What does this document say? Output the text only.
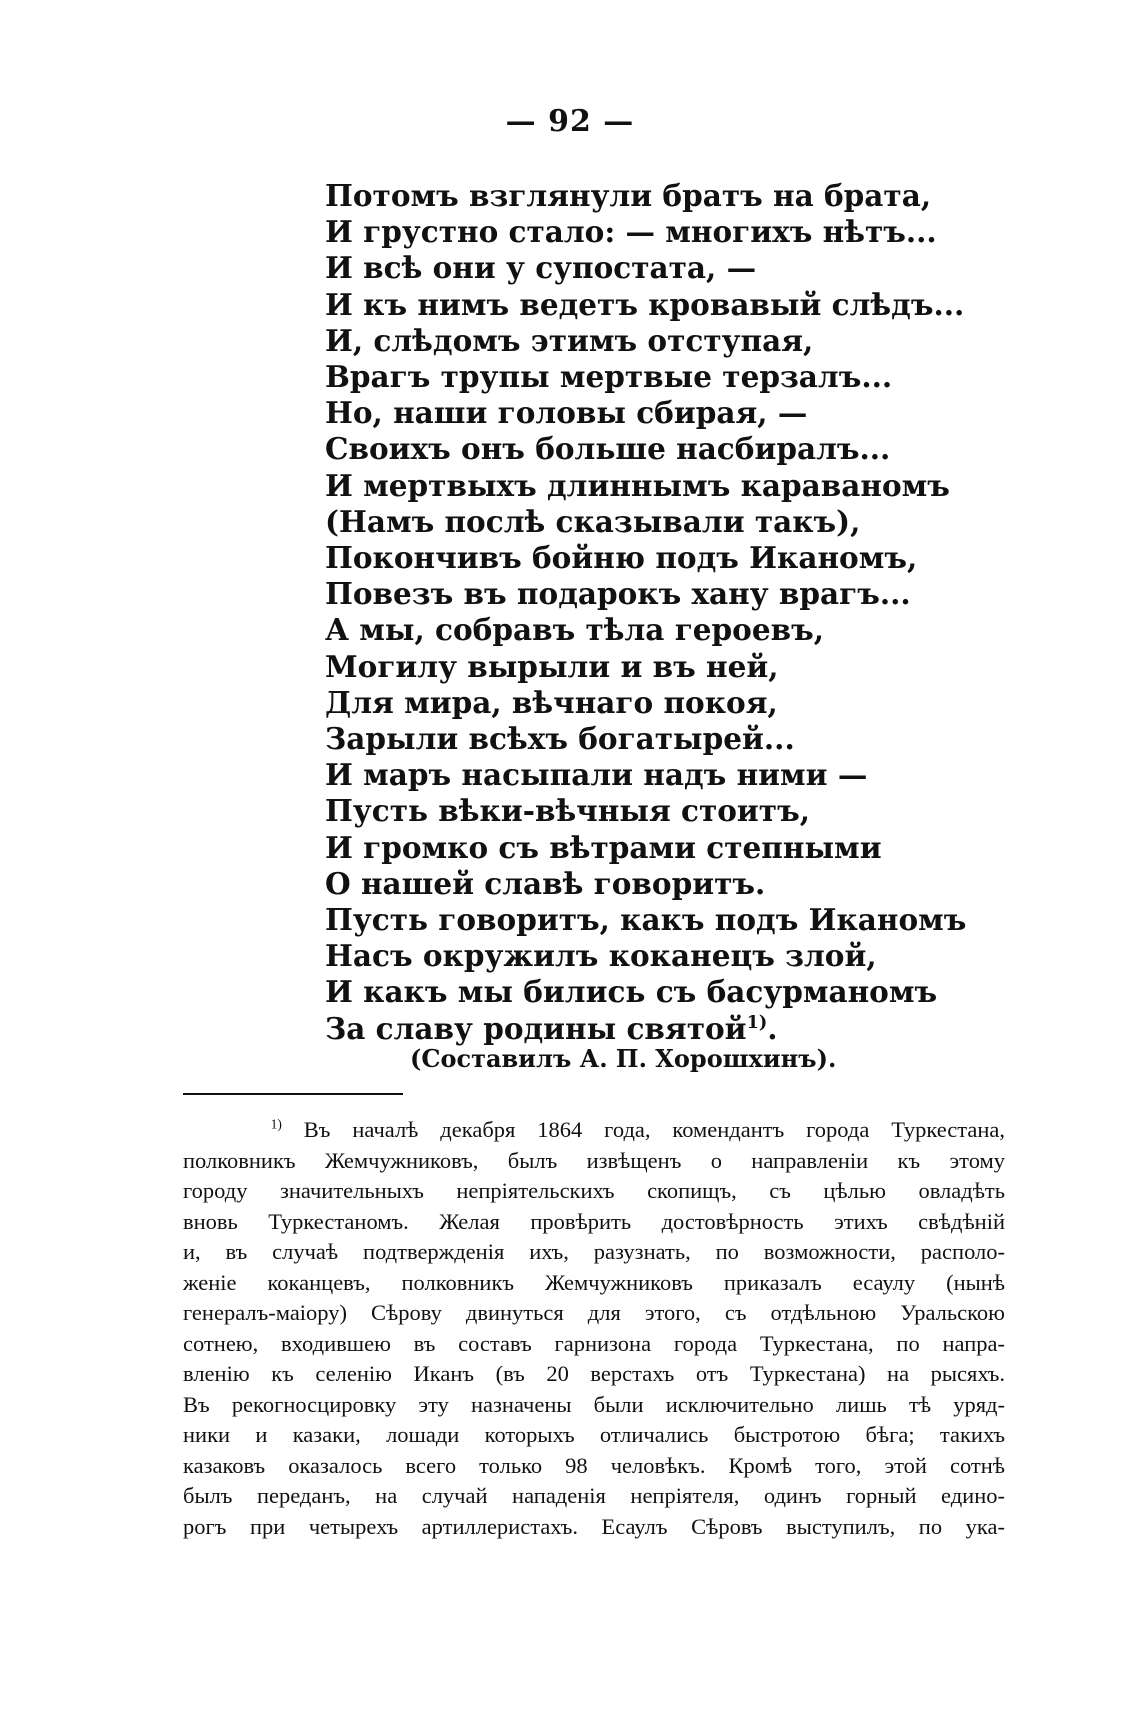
— 92 —
Потомъ взглянули братъ на брата,
И грустно стало: — многихъ нѣтъ...
И всѣ они у супостата, —
И къ нимъ ведетъ кровавый слѣдъ...
И, слѣдомъ этимъ отступая,
Врагъ трупы мертвые терзалъ...
Но, наши головы сбирая, —
Своихъ онъ больше насбиралъ...
И мертвыхъ длиннымъ караваномъ
(Намъ послѣ сказывали такъ),
Покончивъ бойню подъ Иканомъ,
Повезъ въ подарокъ хану врагъ...
А мы, собравъ тѣла героевъ,
Могилу вырыли и въ ней,
Для мира, вѣчнаго покоя,
Зарыли всѣхъ богатырей...
И маръ насыпали надъ ними —
Пусть вѣки-вѣчныя стоитъ,
И громко съ вѣтрами степными
О нашей славѣ говоритъ.
Пусть говоритъ, какъ подъ Иканомъ
Насъ окружилъ коканецъ злой,
И какъ мы бились съ басурманомъ
За славу родины святой$^{1)}$.
(Составилъ А. П. Хорошхинъ).
$^{1)}$ Въ началѣ декабря 1864 года, комендантъ города Туркестана,
полковникъ Жемчужниковъ, былъ извѣщенъ о направленіи къ этому
городу значительныхъ непріятельскихъ скопищъ, съ цѣлью овладѣть
вновь Туркестаномъ. Желая провѣрить достовѣрность этихъ свѣдѣній
и, въ случаѣ подтвержденія ихъ, разузнать, по возможности, располо-
женіе коканцевъ, полковникъ Жемчужниковъ приказалъ есаулу (нынѣ
генералъ-маіору) Сѣрову двинуться для этого, съ отдѣльною Уральскою
сотнею, входившею въ составъ гарнизона города Туркестана, по напра-
вленію къ селенію Иканъ (въ 20 верстахъ отъ Туркестана) на рысяхъ.
Въ рекогносцировку эту назначены были исключительно лишь тѣ уряд-
ники и казаки, лошади которыхъ отличались быстротою бѣга; такихъ
казаковъ оказалось всего только 98 человѣкъ. Кромѣ того, этой сотнѣ
былъ переданъ, на случай нападенія непріятеля, одинъ горный едино-
рогъ при четырехъ артиллеристахъ. Есаулъ Сѣровъ выступилъ, по ука-
